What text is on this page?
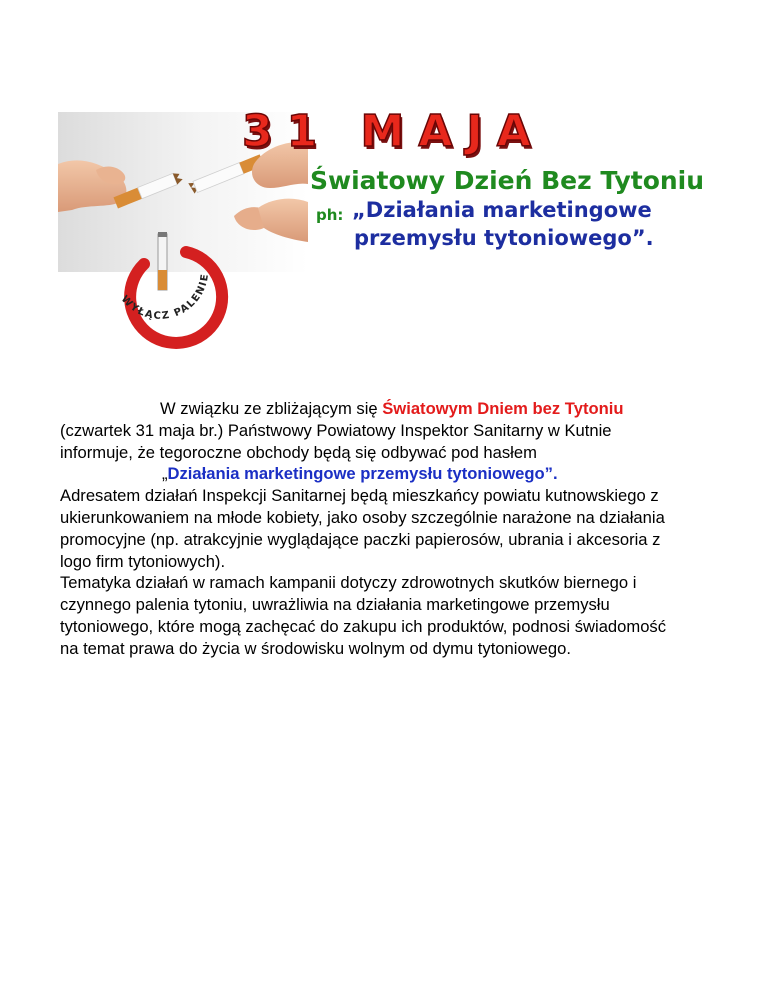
WYŁĄCZ PALENIE
31 MAJA
Światowy Dzień Bez Tytoniu
ph: „Działania marketingowe
przemysłu tytoniowego”.
W związku ze zbliżającym się Światowym Dniem bez Tytoniu
(czwartek 31 maja br.) Państwowy Powiatowy Inspektor Sanitarny w Kutnie
informuje, że tegoroczne obchody będą się odbywać pod hasłem
„Działania marketingowe przemysłu tytoniowego”.
Adresatem działań Inspekcji Sanitarnej będą mieszkańcy powiatu kutnowskiego z
ukierunkowaniem na młode kobiety, jako osoby szczególnie narażone na działania
promocyjne (np. atrakcyjnie wyglądające paczki papierosów, ubrania i akcesoria z
logo firm tytoniowych).
Tematyka działań w ramach kampanii dotyczy zdrowotnych skutków biernego i
czynnego palenia tytoniu, uwrażliwia na działania marketingowe przemysłu
tytoniowego, które mogą zachęcać do zakupu ich produktów, podnosi świadomość
na temat prawa do życia w środowisku wolnym od dymu tytoniowego.
